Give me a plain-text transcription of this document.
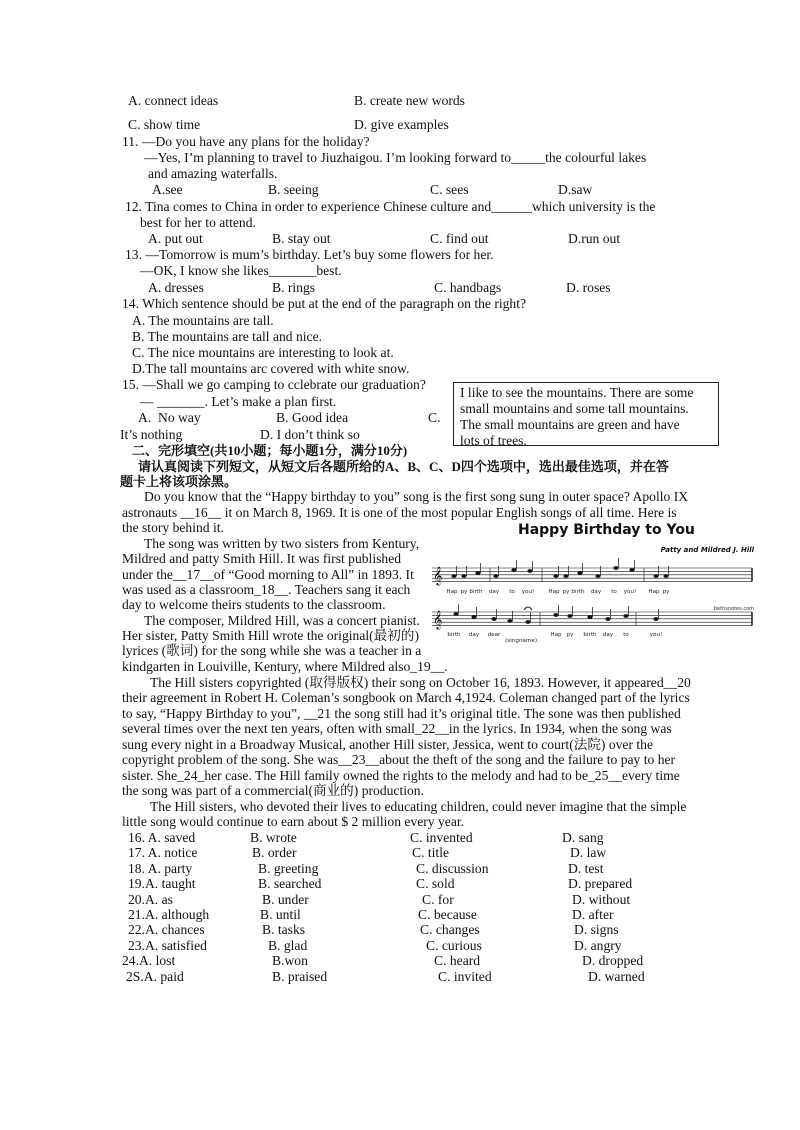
A. connect ideas	B. create new words
C. show time	D. give examples
11. —Do you have any plans for the holiday?
—Yes, I’m planning to travel to Jiuzhaigou. I’m looking forward to_____the colourful lakes
and amazing waterfalls.
A.see	B. seeing	C. sees	D.saw
12. Tina comes to China in order to experience Chinese culture and______which university is the
best for her to attend.
A. put out	B. stay out	C. find out	D.run out
13. —Tomorrow is mum’s birthday. Let’s buy some flowers for her.
—OK, I know she likes_______best.
A. dresses	B. rings	C. handbags	D. roses
14. Which sentence should be put at the end of the paragraph on the right?
A. The mountains are tall.
B. The mountains are tall and nice.
C. The nice mountains are interesting to look at.
D.The tall mountains arc covered with white snow.
15. —Shall we go camping to cclebrate our graduation?
— _______. Let’s make a plan first.
A.  No way	B. Good idea	C.
It’s nothing	D. I don’t think so
I like to see the mountains. There are some
small mountains and some tall mountains.
The small mountains are green and have
lots of trees.
二、完形填空(共10小题；每小题1分，满分10分)
请认真阅读下列短文，从短文后各题所给的A、B、C、D四个选项中，选出最佳选项，并在答
题卡上将该项涂黑。
Do you know that the “Happy birthday to you” song is the first song sung in outer space? Apollo IX
astronauts __16__ it on March 8, 1969. It is one of the most popular English songs of all time. Here is
the story behind it.
The song was written by two sisters from Kentury,
Mildred and patty Smith Hill. It was first published
under the__17__of “Good morning to All” in 1893. It
was used as a classroom_18__. Teachers sang it each
day to welcome theirs students to the classroom.
The composer, Mildred Hill, was a concert pianist.
Her sister, Patty Smith Hill wrote the original(最初的)
lyrices (歌词) for the song while she was a teacher in a
kindgarten in Louiville, Kentury, where Mildred also_19__.
The Hill sisters copyrighted (取得版权) their song on October 16, 1893. However, it appeared__20
their agreement in Robert H. Coleman’s songbook on March 4,1924. Coleman changed part of the lyrics
to say, “Happy Birthday to you”, __21 the song still had it’s original title. The sone was then published
several times over the next ten years, often with small_22__in the lyrics. In 1934, when the song was
sung every night in a Broadway Musical, another Hill sister, Jessica, went to court(法院) over the
copyright problem of the song. She was__23__about the theft of the song and the failure to pay to her
sister. She_24_her case. The Hill family owned the rights to the melody and had to be_25__every time
the song was part of a commercial(商业的) production.
The Hill sisters, who devoted their lives to educating children, could never imagine that the simple
little song would continue to earn about $ 2 million every year.
Happy Birthday to You
Patty and Mildred J. Hill
𝄞
𝄞
bethsnotes.com
Hap py birth day to you!	Hap py birth day to you! Hap py
birth day dear
(sing name)
Hap py birth day to	you!
16. A. saved	B. wrote	C. invented	D. sang
17. A. notice	B. order	C. title	D. law
18. A. party	B. greeting	C. discussion	D. test
19.A. taught	B. searched	C. sold	D. prepared
20.A. as	B. under	C. for	D. without
21.A. although	B. until	C. because	D. after
22.A. chances	B. tasks	C. changes	D. signs
23.A. satisfied	B. glad	C. curious	D. angry
24.A. lost	B.won	C. heard	D. dropped
2S.A. paid	B. praised	C. invited	D. warned
